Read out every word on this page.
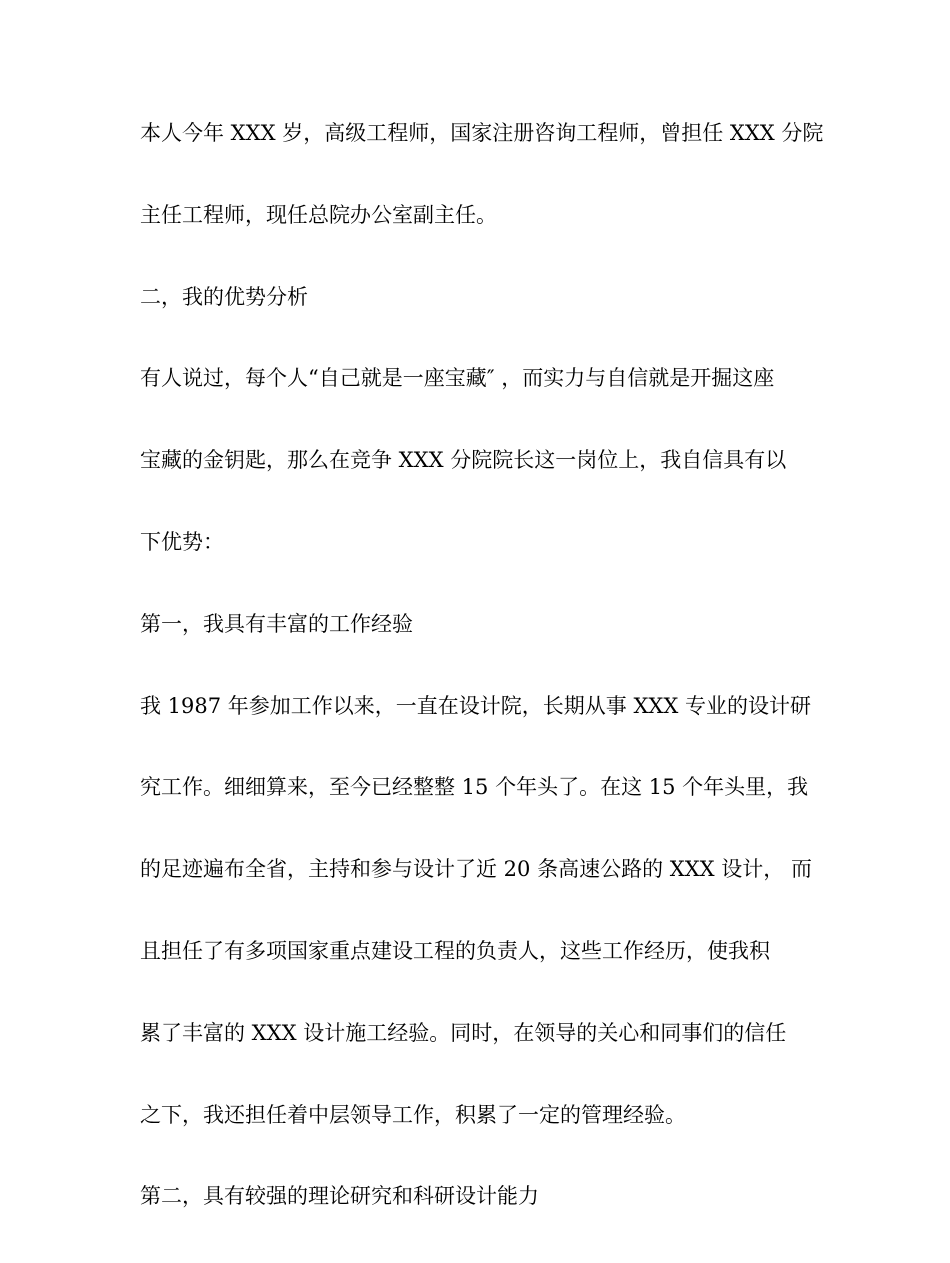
本人今年 XXX 岁，高级工程师，国家注册咨询工程师，曾担任 XXX 分院
主任工程师，现任总院办公室副主任。
二，我的优势分析
有人说过，每个人“自己就是一座宝藏″ ，而实力与自信就是开掘这座
宝藏的金钥匙，那么在竞争 XXX 分院院长这一岗位上，我自信具有以
下优势：
第一，我具有丰富的工作经验
我 1987 年参加工作以来，一直在设计院，长期从事 XXX 专业的设计研
究工作。细细算来，至今已经整整 15 个年头了。在这 15 个年头里，我
的足迹遍布全省，主持和参与设计了近 20 条高速公路的 XXX 设计， 而
且担任了有多项国家重点建设工程的负责人，这些工作经历，使我积
累了丰富的 XXX 设计施工经验。同时，在领导的关心和同事们的信任
之下，我还担任着中层领导工作，积累了一定的管理经验。
第二，具有较强的理论研究和科研设计能力
